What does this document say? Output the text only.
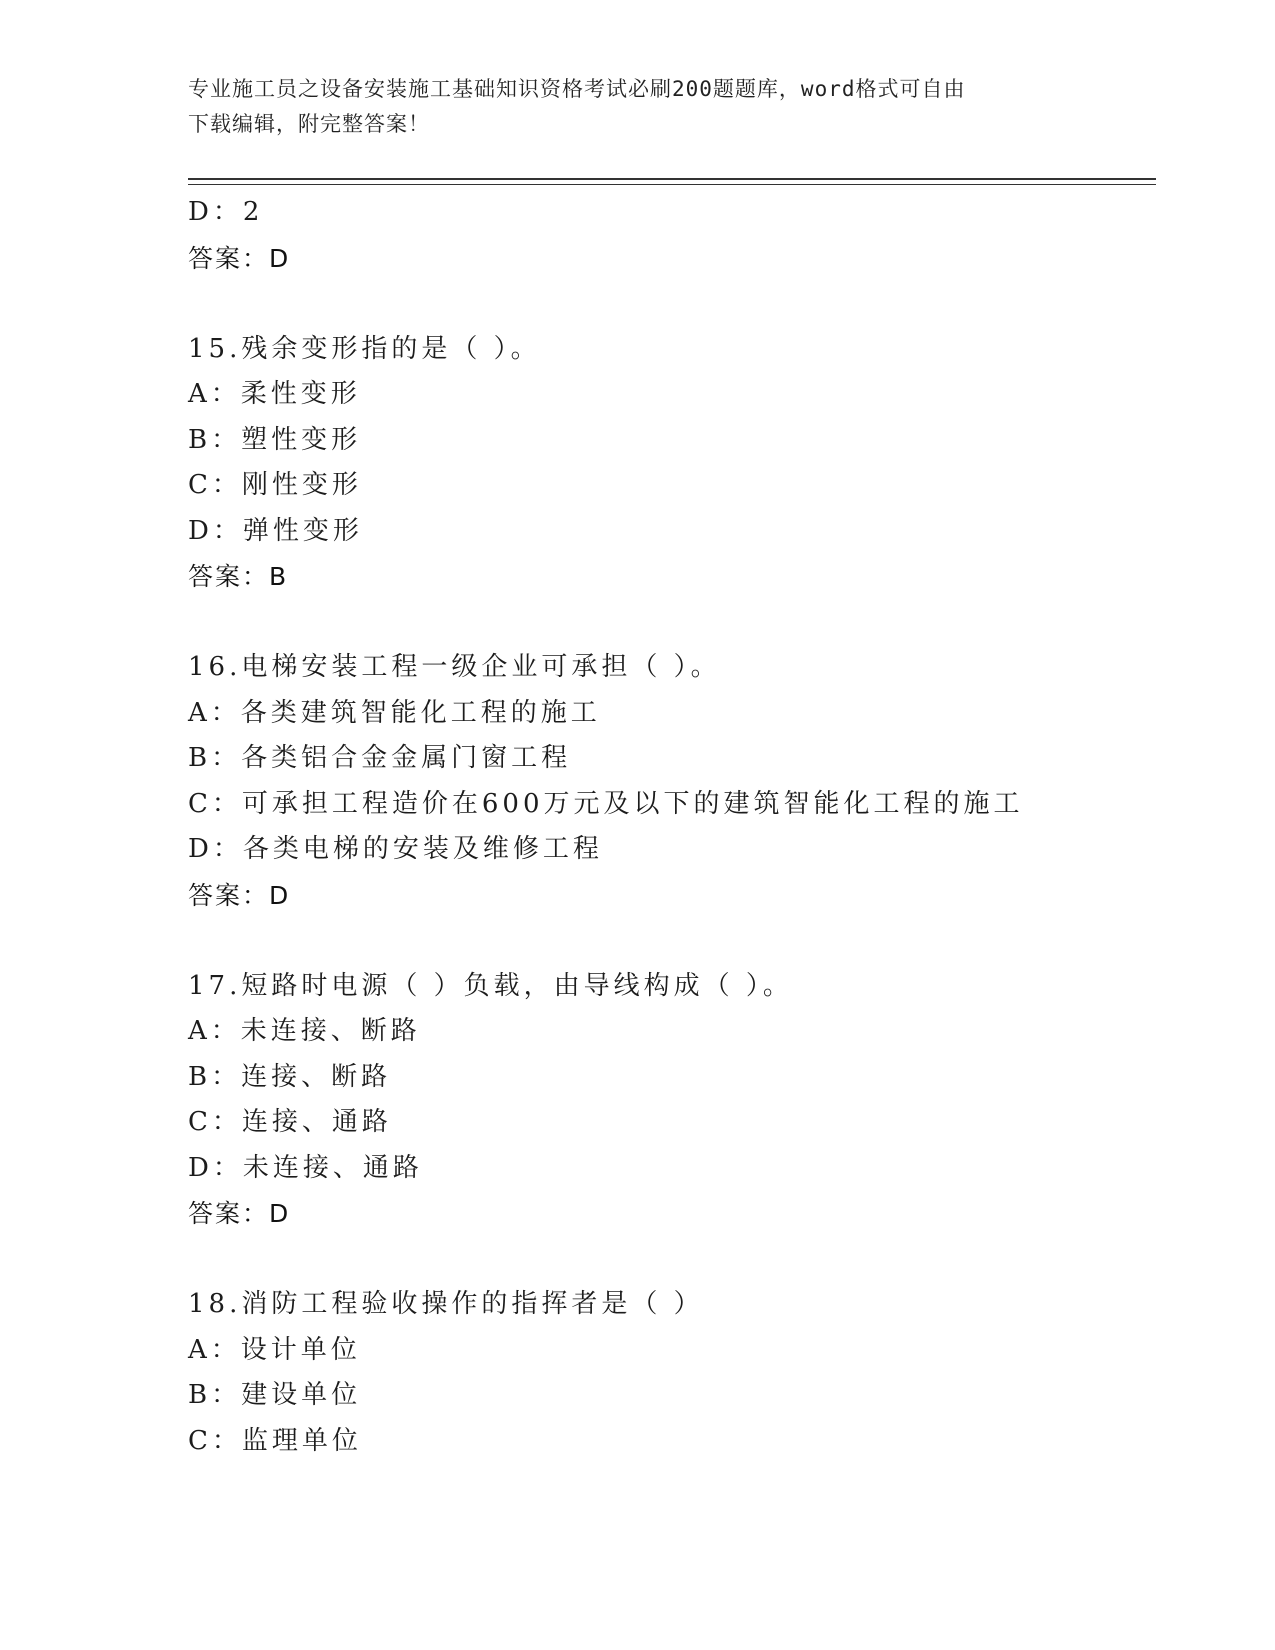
专业施工员之设备安装施工基础知识资格考试必刷200题题库，word格式可自由
下载编辑，附完整答案！
D：2
答案：D
15.残余变形指的是（ ）。
A：柔性变形
B：塑性变形
C：刚性变形
D：弹性变形
答案：B
16.电梯安装工程一级企业可承担（ ）。
A：各类建筑智能化工程的施工
B：各类铝合金金属门窗工程
C：可承担工程造价在600万元及以下的建筑智能化工程的施工
D：各类电梯的安装及维修工程
答案：D
17.短路时电源（ ）负载，由导线构成（ ）。
A：未连接、断路
B：连接、断路
C：连接、通路
D：未连接、通路
答案：D
18.消防工程验收操作的指挥者是（ ）
A：设计单位
B：建设单位
C：监理单位
